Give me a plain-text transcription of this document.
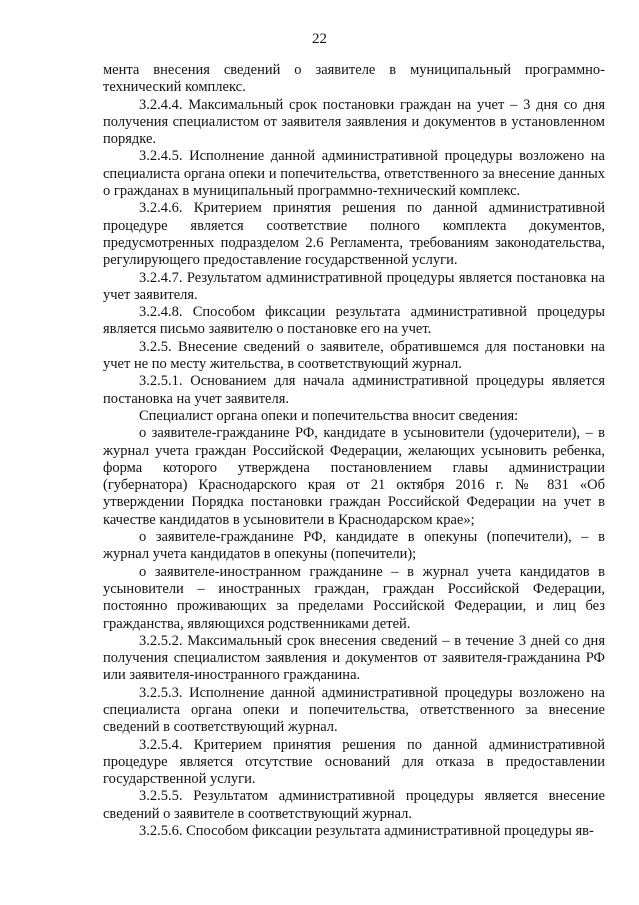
22

мента внесения сведений о заявителе в муниципальный программно-технический комплекс.

3.2.4.4. Максимальный срок постановки граждан на учет – 3 дня со дня получения специалистом от заявителя заявления и документов в установленном порядке.

3.2.4.5. Исполнение данной административной процедуры возложено на специалиста органа опеки и попечительства, ответственного за внесение данных о гражданах в муниципальный программно-технический комплекс.

3.2.4.6. Критерием принятия решения по данной административной процедуре является соответствие полного комплекта документов, предусмотренных подразделом 2.6 Регламента, требованиям законодательства, регулирующего предоставление государственной услуги.

3.2.4.7. Результатом административной процедуры является постановка на учет заявителя.

3.2.4.8. Способом фиксации результата административной процедуры является письмо заявителю о постановке его на учет.

3.2.5. Внесение сведений о заявителе, обратившемся для постановки на учет не по месту жительства, в соответствующий журнал.

3.2.5.1. Основанием для начала административной процедуры является постановка на учет заявителя.

Специалист органа опеки и попечительства вносит сведения:

о заявителе-гражданине РФ, кандидате в усыновители (удочерители), – в журнал учета граждан Российской Федерации, желающих усыновить ребенка, форма которого утверждена постановлением главы администрации (губернатора) Краснодарского края от 21 октября 2016 г. № 831 «Об утверждении Порядка постановки граждан Российской Федерации на учет в качестве кандидатов в усыновители в Краснодарском крае»;

о заявителе-гражданине РФ, кандидате в опекуны (попечители), – в журнал учета кандидатов в опекуны (попечители);

о заявителе-иностранном гражданине – в журнал учета кандидатов в усыновители – иностранных граждан, граждан Российской Федерации, постоянно проживающих за пределами Российской Федерации, и лиц без гражданства, являющихся родственниками детей.

3.2.5.2. Максимальный срок внесения сведений – в течение 3 дней со дня получения специалистом заявления и документов от заявителя-гражданина РФ или заявителя-иностранного гражданина.

3.2.5.3. Исполнение данной административной процедуры возложено на специалиста органа опеки и попечительства, ответственного за внесение сведений в соответствующий журнал.

3.2.5.4. Критерием принятия решения по данной административной процедуре является отсутствие оснований для отказа в предоставлении государственной услуги.

3.2.5.5. Результатом административной процедуры является внесение сведений о заявителе в соответствующий журнал.

3.2.5.6. Способом фиксации результата административной процедуры яв-
